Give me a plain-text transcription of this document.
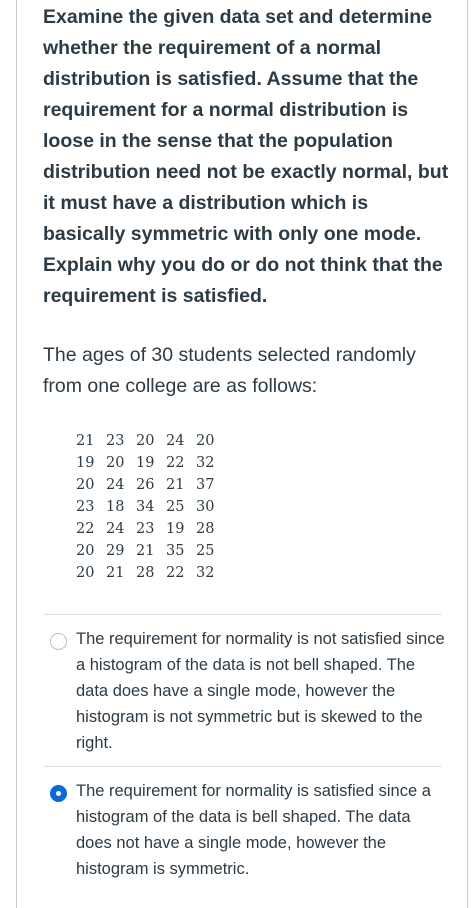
Examine the given data set and determine whether the requirement of a normal distribution is satisfied. Assume that the requirement for a normal distribution is loose in the sense that the population distribution need not be exactly normal, but it must have a distribution which is basically symmetric with only one mode. Explain why you do or do not think that the requirement is satisfied.
The ages of 30 students selected randomly from one college are as follows:
21 23 20 24 20
19 20 19 22 32
20 24 26 21 37
23 18 34 25 30
22 24 23 19 28
20 29 21 35 25
20 21 28 22 32
The requirement for normality is not satisfied since a histogram of the data is not bell shaped. The data does have a single mode, however the histogram is not symmetric but is skewed to the right.
The requirement for normality is satisfied since a histogram of the data is bell shaped. The data does not have a single mode, however the histogram is symmetric.
